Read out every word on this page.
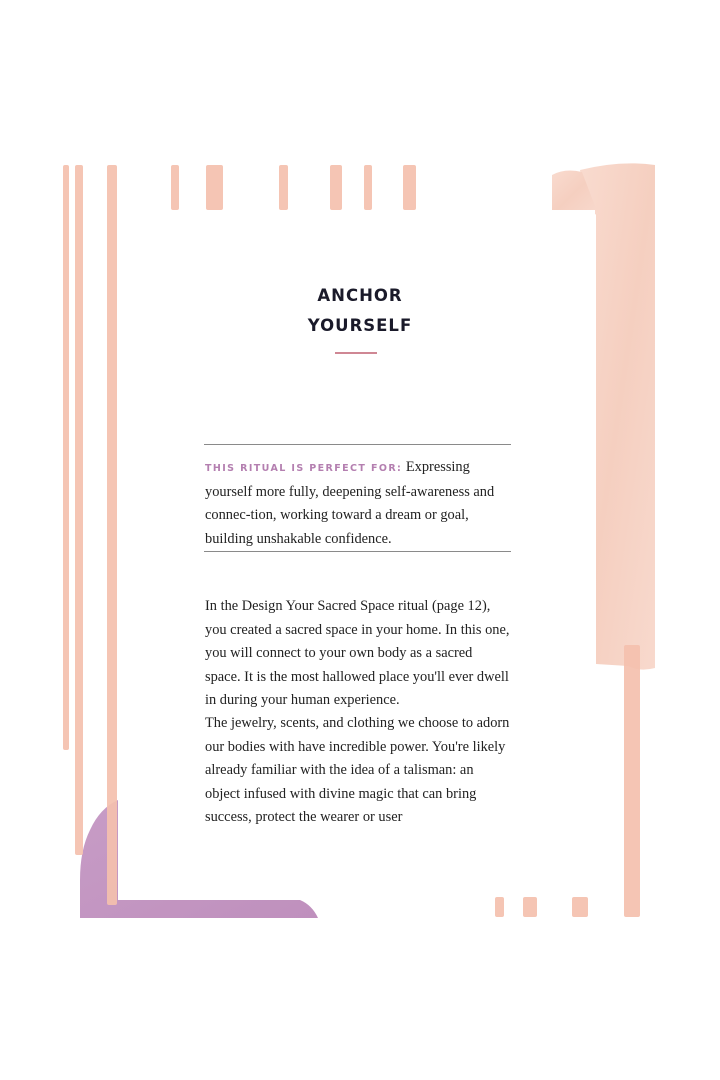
ANCHOR
YOURSELF

THIS RITUAL IS PERFECT FOR: Expressing yourself more fully, deepening self-awareness and connec-tion, working toward a dream or goal, building unshakable confidence.

In the Design Your Sacred Space ritual (page 12), you created a sacred space in your home. In this one, you will connect to your own body as a sacred space. It is the most hallowed place you'll ever dwell in during your human experience.

The jewelry, scents, and clothing we choose to adorn our bodies with have incredible power. You're likely already familiar with the idea of a talisman: an object infused with divine magic that can bring success, protect the wearer or user
